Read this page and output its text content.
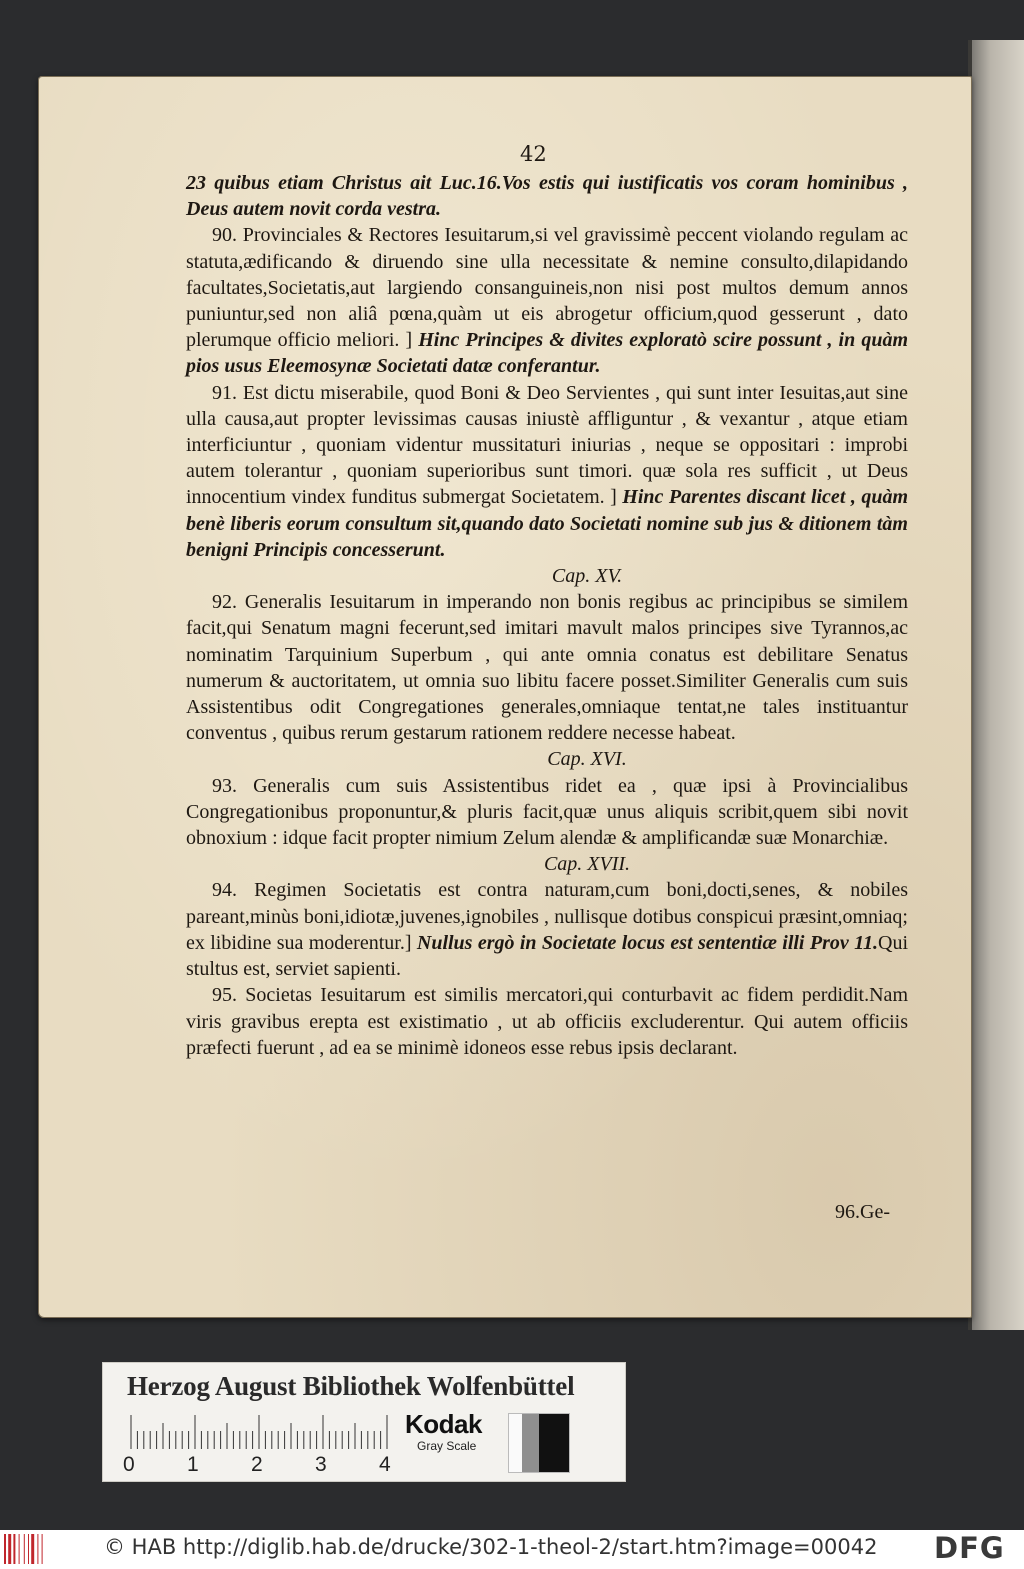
42

23 quibus etiam Christus ait Luc.16.Vos estis qui iustificatis vos coram hominibus , Deus autem novit corda vestra.

90. Provinciales & Rectores Iesuitarum,si vel gravissimè peccent violando regulam ac statuta,ædificando & diruendo sine ulla necessitate & nemine consulto,dilapidando facultates,Societatis,aut largiendo consanguineis,non nisi post multos demum annos puniuntur,sed non aliâ pœna,quàm ut eis abrogetur officium,quod gesserunt , dato plerumque officio meliori. ] Hinc Principes & divites exploratò scire possunt , in quàm pios usus Eleemosynæ Societati datæ conferantur.

91. Est dictu miserabile, quod Boni & Deo Servientes , qui sunt inter Iesuitas,aut sine ulla causa,aut propter levissimas causas iniustè affliguntur , & vexantur , atque etiam interficiuntur , quoniam videntur mussitaturi iniurias , neque se oppositari : improbi autem tolerantur , quoniam superioribus sunt timori. quæ sola res sufficit , ut Deus innocentium vindex funditus submergat Societatem. ] Hinc Parentes discant licet , quàm benè liberis eorum consultum sit,quando dato Societati nomine sub jus & ditionem tàm benigni Principis concesserunt.

Cap. XV.

92. Generalis Iesuitarum in imperando non bonis regibus ac principibus se similem facit,qui Senatum magni fecerunt,sed imitari mavult malos principes sive Tyrannos,ac nominatim Tarquinium Superbum , qui ante omnia conatus est debilitare Senatus numerum & auctoritatem, ut omnia suo libitu facere posset.Similiter Generalis cum suis Assistentibus odit Congregationes generales,omniaque tentat,ne tales instituantur conventus , quibus rerum gestarum rationem reddere necesse habeat.

Cap. XVI.

93. Generalis cum suis Assistentibus ridet ea , quæ ipsi à Provincialibus Congregationibus proponuntur,& pluris facit,quæ unus aliquis scribit,quem sibi novit obnoxium : idque facit propter nimium Zelum alendæ & amplificandæ suæ Monarchiæ.

Cap. XVII.

94. Regimen Societatis est contra naturam,cum boni,docti,senes, & nobiles pareant,minùs boni,idiotæ,juvenes,ignobiles , nullisque dotibus conspicui præsint,omniaq; ex libidine sua moderentur.] Nullus ergò in Societate locus est sententiæ illi Prov 11.Qui stultus est, serviet sapienti.

95. Societas Iesuitarum est similis mercatori,qui conturbavit ac fidem perdidit.Nam viris gravibus erepta est existimatio , ut ab officiis excluderentur. Qui autem officiis præfecti fuerunt , ad ea se minimè idoneos esse rebus ipsis declarant.

96.Ge-
Herzog August Bibliothek Wolfenbüttel
0 1 2 3 4
Kodak
Gray Scale
© HAB http://diglib.hab.de/drucke/302-1-theol-2/start.htm?image=00042 DFG
